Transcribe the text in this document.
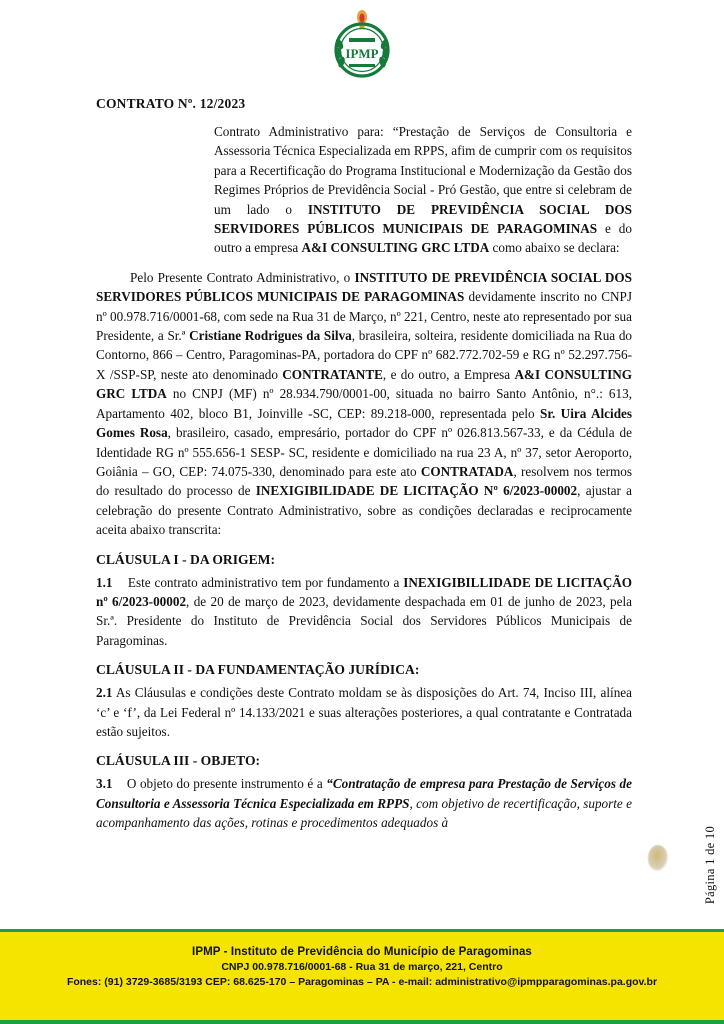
IPMP
CONTRATO Nº. 12/2023

Contrato Administrativo para: “Prestação de Serviços de Consultoria e Assessoria Técnica Especializada em RPPS, afim de cumprir com os requisitos para a Recertificação do Programa Institucional e Modernização da Gestão dos Regimes Próprios de Previdência Social - Pró Gestão, que entre si celebram de um lado o INSTITUTO DE PREVIDÊNCIA SOCIAL DOS SERVIDORES PÚBLICOS MUNICIPAIS DE PARAGOMINAS e do outro a empresa A&I CONSULTING GRC LTDA como abaixo se declara:

Pelo Presente Contrato Administrativo, o INSTITUTO DE PREVIDÊNCIA SOCIAL DOS SERVIDORES PÚBLICOS MUNICIPAIS DE PARAGOMINAS devidamente inscrito no CNPJ nº 00.978.716/0001-68, com sede na Rua 31 de Março, nº 221, Centro, neste ato representado por sua Presidente, a Sr.ª Cristiane Rodrigues da Silva, brasileira, solteira, residente domiciliada na Rua do Contorno, 866 – Centro, Paragominas-PA, portadora do CPF nº 682.772.702-59 e RG nº 52.297.756-X /SSP-SP, neste ato denominado CONTRATANTE, e do outro, a Empresa A&I CONSULTING GRC LTDA no CNPJ (MF) nº 28.934.790/0001-00, situada no bairro Santo Antônio, n°.: 613, Apartamento 402, bloco B1, Joinville -SC, CEP: 89.218-000, representada pelo Sr. Uira Alcides Gomes Rosa, brasileiro, casado, empresário, portador do CPF nº 026.813.567-33, e da Cédula de Identidade RG nº 555.656-1 SESP- SC, residente e domiciliado na rua 23 A, nº 37, setor Aeroporto, Goiânia – GO, CEP: 74.075-330, denominado para este ato CONTRATADA, resolvem nos termos do resultado do processo de INEXIGIBILIDADE DE LICITAÇÃO Nº 6/2023-00002, ajustar a celebração do presente Contrato Administrativo, sobre as condições declaradas e reciprocamente aceita abaixo transcrita:

CLÁUSULA I - DA ORIGEM:

1.1 Este contrato administrativo tem por fundamento a INEXIGIBILLIDADE DE LICITAÇÃO nº 6/2023-00002, de 20 de março de 2023, devidamente despachada em 01 de junho de 2023, pela Sr.ª. Presidente do Instituto de Previdência Social dos Servidores Públicos Municipais de Paragominas.

CLÁUSULA II - DA FUNDAMENTAÇÃO JURÍDICA:

2.1 As Cláusulas e condições deste Contrato moldam se às disposições do Art. 74, Inciso III, alínea ‘c’ e ‘f’, da Lei Federal nº 14.133/2021 e suas alterações posteriores, a qual contratante e Contratada estão sujeitos.

CLÁUSULA III - OBJETO:

3.1 O objeto do presente instrumento é a “Contratação de empresa para Prestação de Serviços de Consultoria e Assessoria Técnica Especializada em RPPS, com objetivo de recertificação, suporte e acompanhamento das ações, rotinas e procedimentos adequados à

Página 1 de 10
IPMP - Instituto de Previdência do Município de Paragominas
CNPJ 00.978.716/0001-68 - Rua 31 de março, 221, Centro
Fones: (91) 3729-3685/3193 CEP: 68.625-170 – Paragominas – PA - e-mail: administrativo@ipmpparagominas.pa.gov.br
